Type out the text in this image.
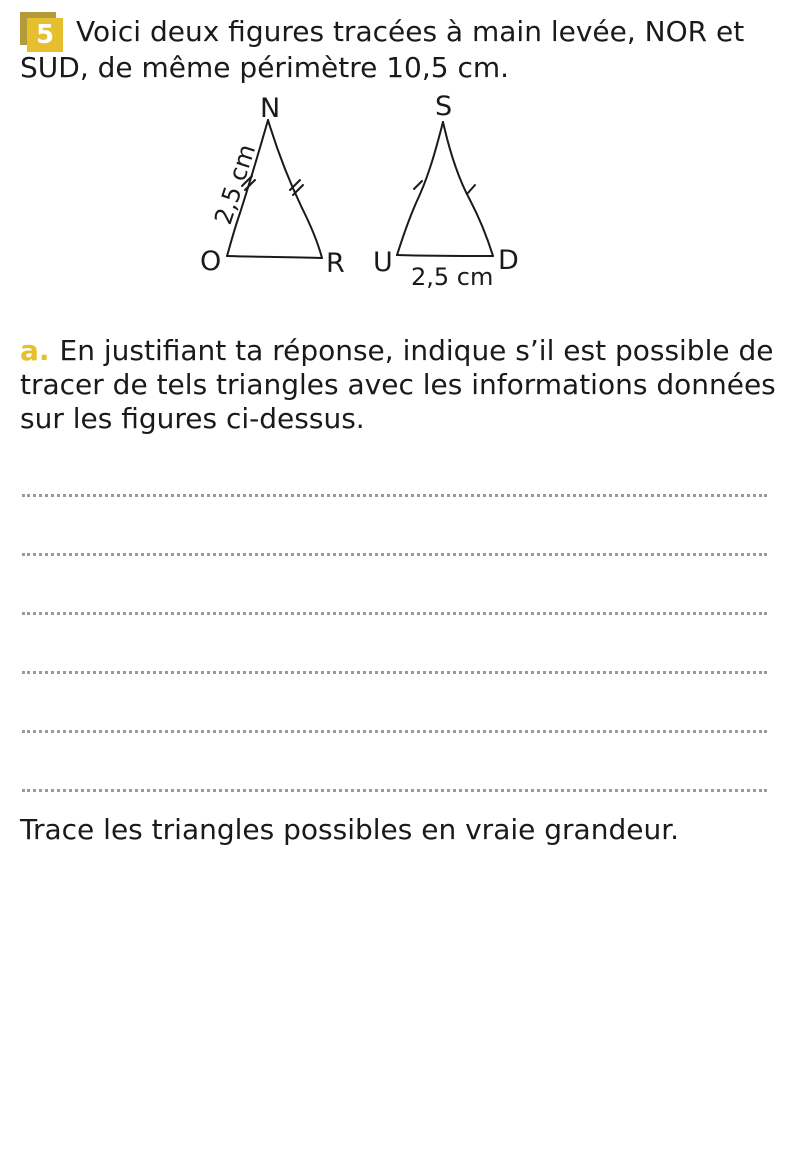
5 Voici deux figures tracées à main levée, NOR et SUD, de même périmètre 10,5 cm.

N
O	R
2,5 cm
S
U	D
2,5 cm

a. En justifiant ta réponse, indique s’il est possible de tracer de tels triangles avec les informations données sur les figures ci-dessus.

Trace les triangles possibles en vraie grandeur.
